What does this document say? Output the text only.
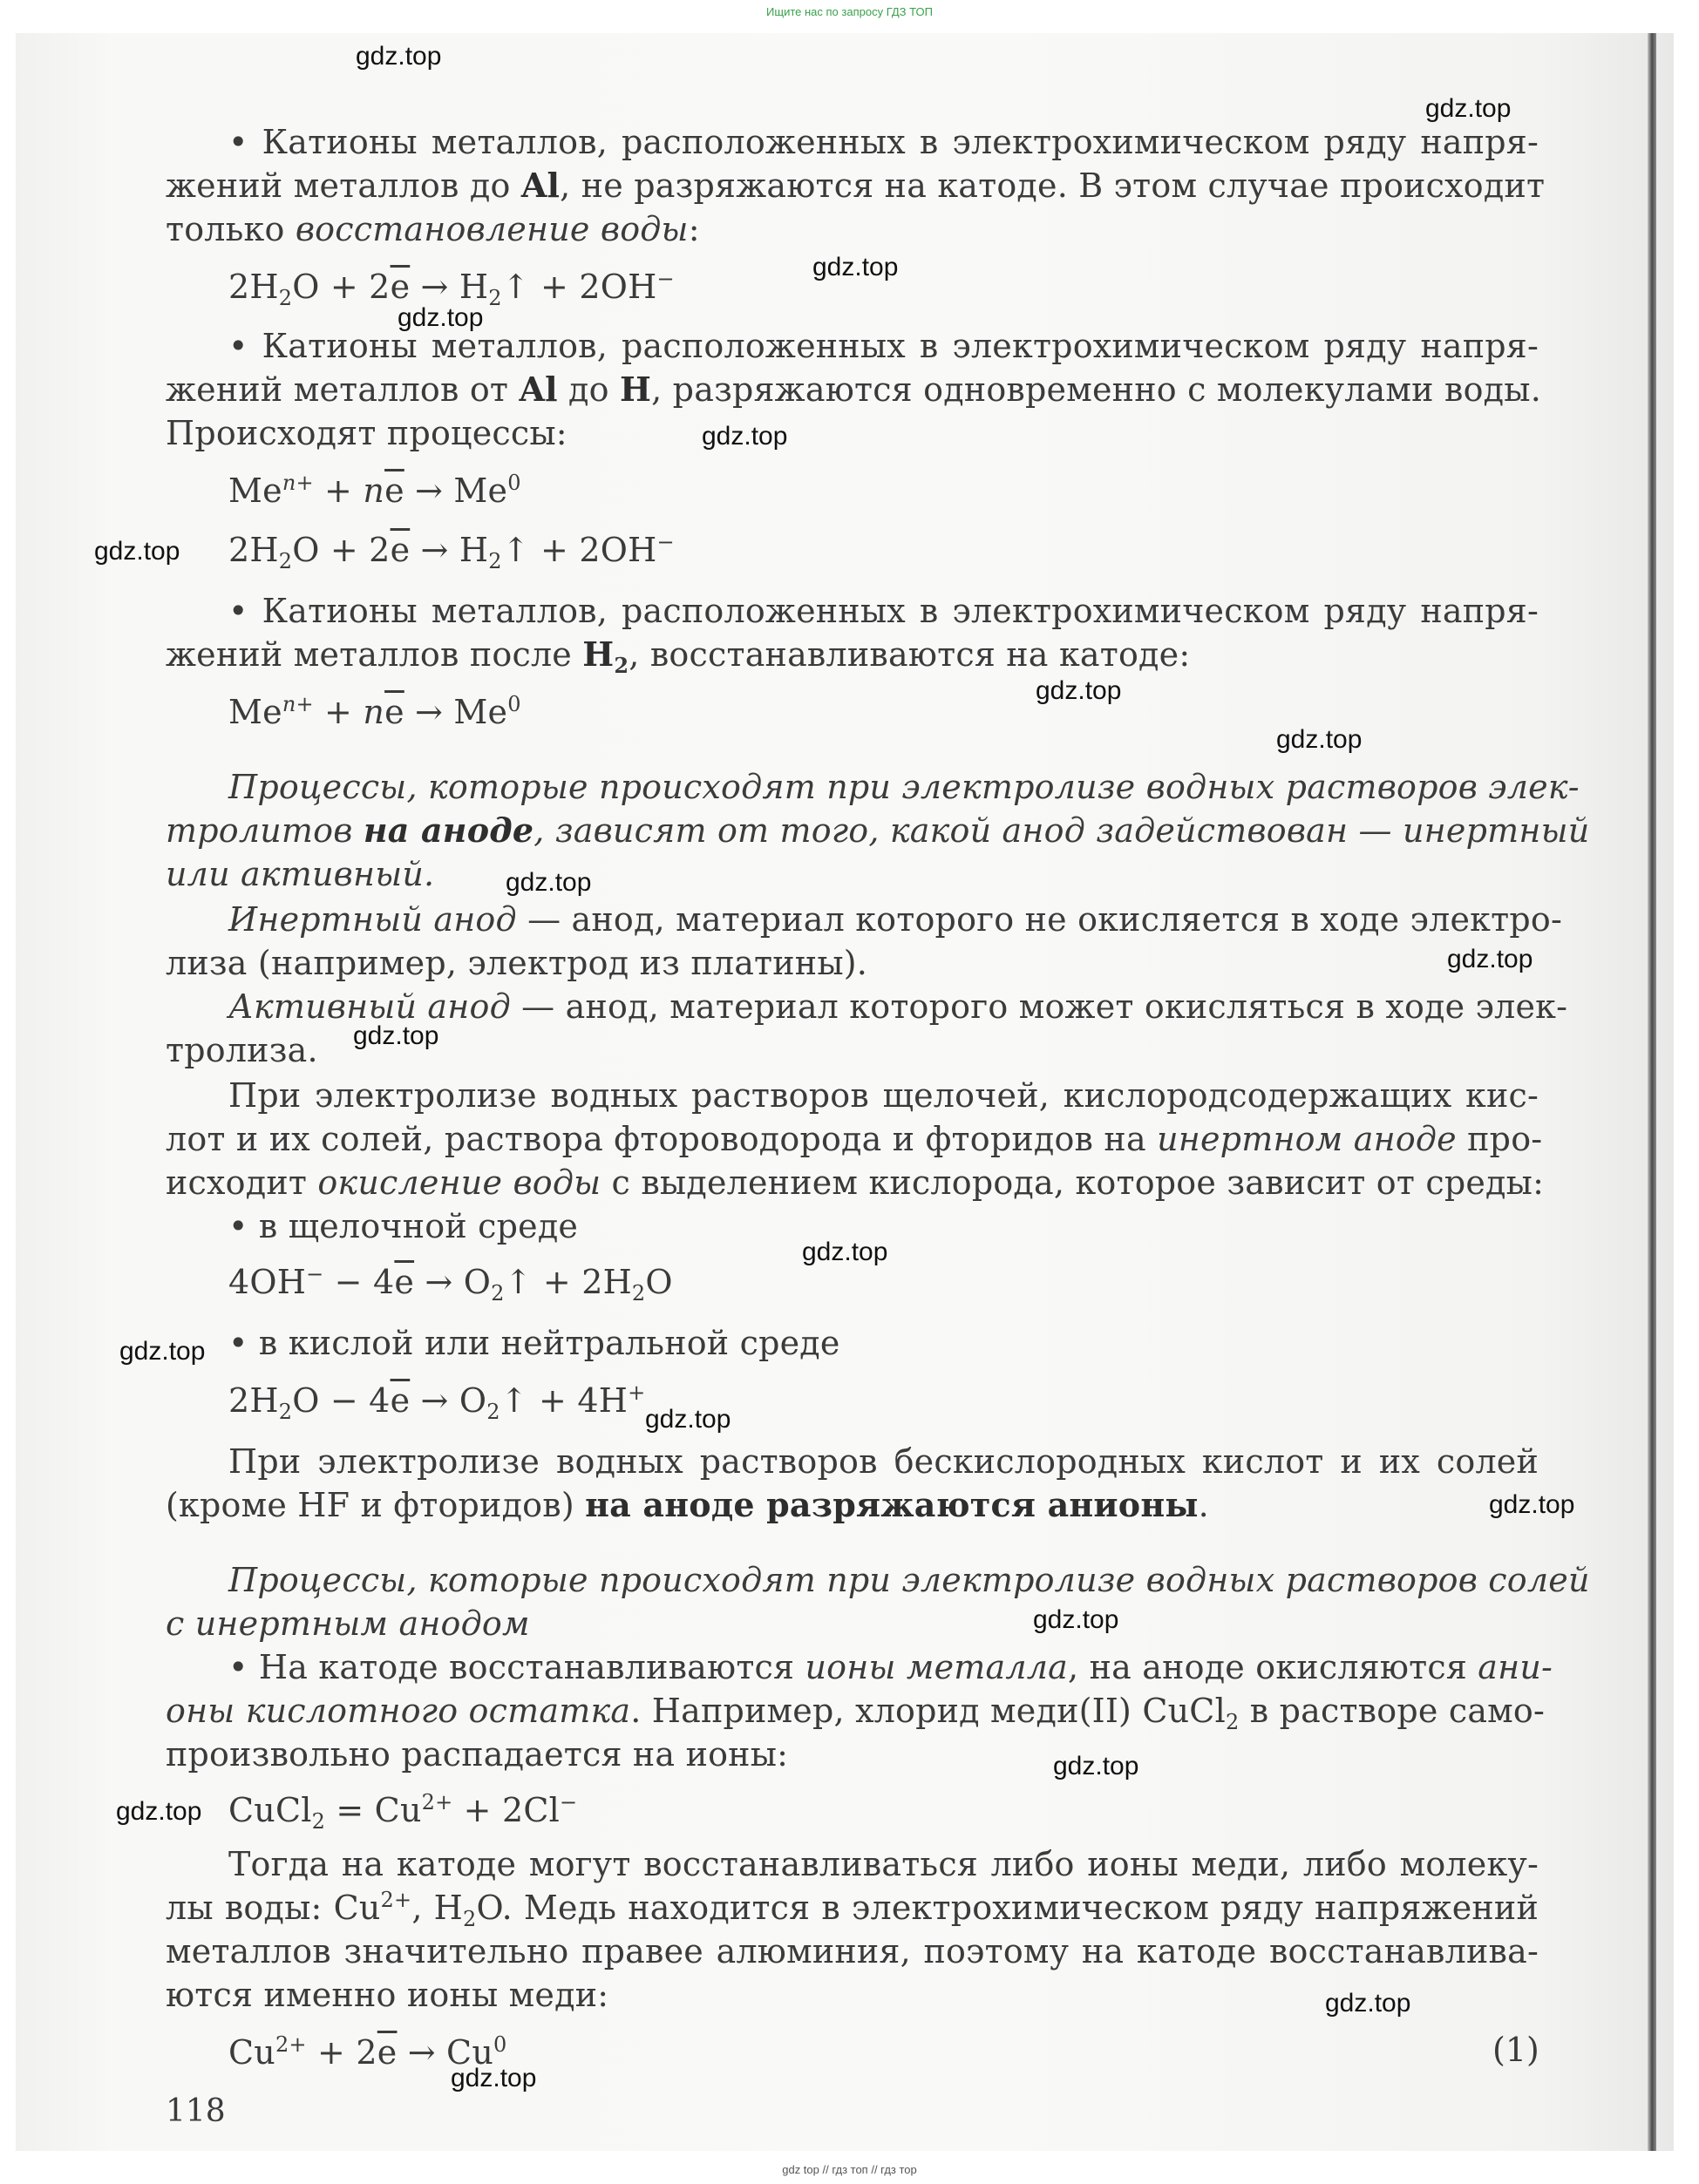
Ищите нас по запросу ГДЗ ТОП
• Катионы металлов, расположенных в электрохимическом ряду напря-
жений металлов до Al, не разряжаются на катоде. В этом случае происходит
только восстановление воды:
$2H_2O + 2\overline{e}$ → $H_2↑ + 2OH^-$
• Катионы металлов, расположенных в электрохимическом ряду напря-
жений металлов от Al до H, разряжаются одновременно с молекулами воды.
Происходят процессы:
$Me^{n+} + n\overline{e} \to Me^0$
$2H_2O + 2\overline{e}$ → $H_2↑ + 2OH^-$
• Катионы металлов, расположенных в электрохимическом ряду напря-
жений металлов после $H_2$, восстанавливаются на катоде:
$Me^{n+} + n\overline{e} \to Me^0$
Процессы, которые происходят при электролизе водных растворов элек-
тролитов на аноде, зависят от того, какой анод задействован — инертный
или активный.
Инертный анод — анод, материал которого не окисляется в ходе электро-
лиза (например, электрод из платины).
Активный анод — анод, материал которого может окисляться в ходе элек-
тролиза.
При электролизе водных растворов щелочей, кислородсодержащих кис-
лот и их солей, раствора фтороводорода и фторидов на инертном аноде про-
исходит окисление воды с выделением кислорода, которое зависит от среды:
• в щелочной среде
$4OH^- - 4\overline{e}$ → $O_2↑ + 2H_2O$
• в кислой или нейтральной среде
$2H_2O - 4\overline{e}$ → $O_2↑ + 4H^+$
При электролизе водных растворов бескислородных кислот и их солей
(кроме HF и фторидов) на аноде разряжаются анионы.
Процессы, которые происходят при электролизе водных растворов солей
с инертным анодом
• На катоде восстанавливаются ионы металла, на аноде окисляются ани-
оны кислотного остатка. Например, хлорид меди(II) CuCl$_2$ в растворе само-
произвольно распадается на ионы:
CuCl$_2$ = $Cu^{2+} + 2Cl^-$
Тогда на катоде могут восстанавливаться либо ионы меди, либо молеку-
лы воды: $Cu^{2+}$, $H_2O$. Медь находится в электрохимическом ряду напряжений
металлов значительно правее алюминия, поэтому на катоде восстанавлива-
ются именно ионы меди:
$Cu^{2+} + 2\overline{e} \to Cu^0$	(1)
118
gdz.top
gdz.top
gdz.top
gdz.top
gdz.top
gdz.top
gdz.top
gdz.top
gdz.top
gdz.top
gdz.top
gdz.top
gdz.top
gdz.top
gdz.top
gdz.top
gdz.top
gdz.top
gdz.top
gdz.top
gdz top // гдз топ // гдз тор
